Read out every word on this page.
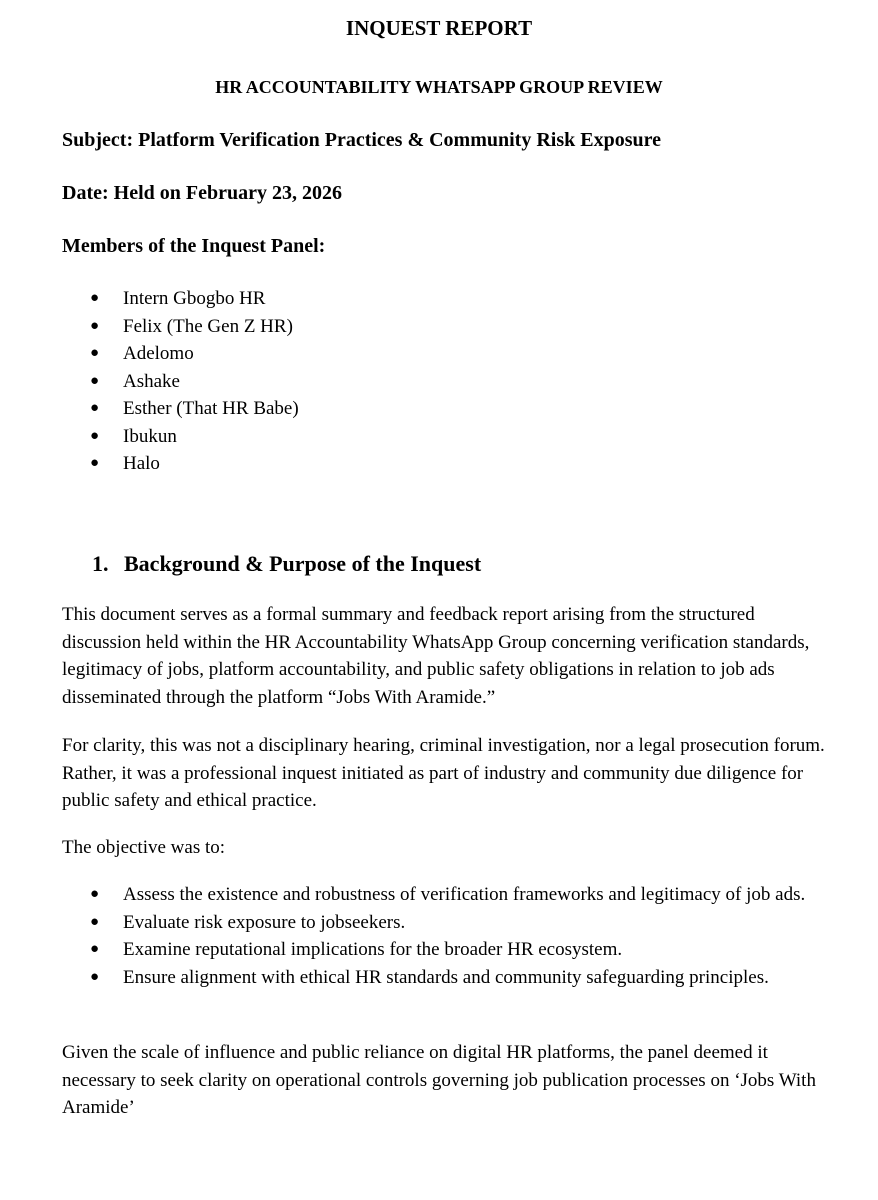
INQUEST REPORT
HR ACCOUNTABILITY WHATSAPP GROUP REVIEW

Subject: Platform Verification Practices & Community Risk Exposure

Date: Held on February 23, 2026

Members of the Inquest Panel:

● Intern Gbogbo HR
● Felix (The Gen Z HR)
● Adelomo
● Ashake
● Esther (That HR Babe)
● Ibukun
● Halo
1. Background & Purpose of the Inquest

This document serves as a formal summary and feedback report arising from the structured discussion held within the HR Accountability WhatsApp Group concerning verification standards, legitimacy of jobs, platform accountability, and public safety obligations in relation to job ads disseminated through the platform “Jobs With Aramide.”

For clarity, this was not a disciplinary hearing, criminal investigation, nor a legal prosecution forum. Rather, it was a professional inquest initiated as part of industry and community due diligence for public safety and ethical practice.

The objective was to:

● Assess the existence and robustness of verification frameworks and legitimacy of job ads.
● Evaluate risk exposure to jobseekers.
● Examine reputational implications for the broader HR ecosystem.
● Ensure alignment with ethical HR standards and community safeguarding principles.

Given the scale of influence and public reliance on digital HR platforms, the panel deemed it necessary to seek clarity on operational controls governing job publication processes on ‘Jobs With Aramide’
